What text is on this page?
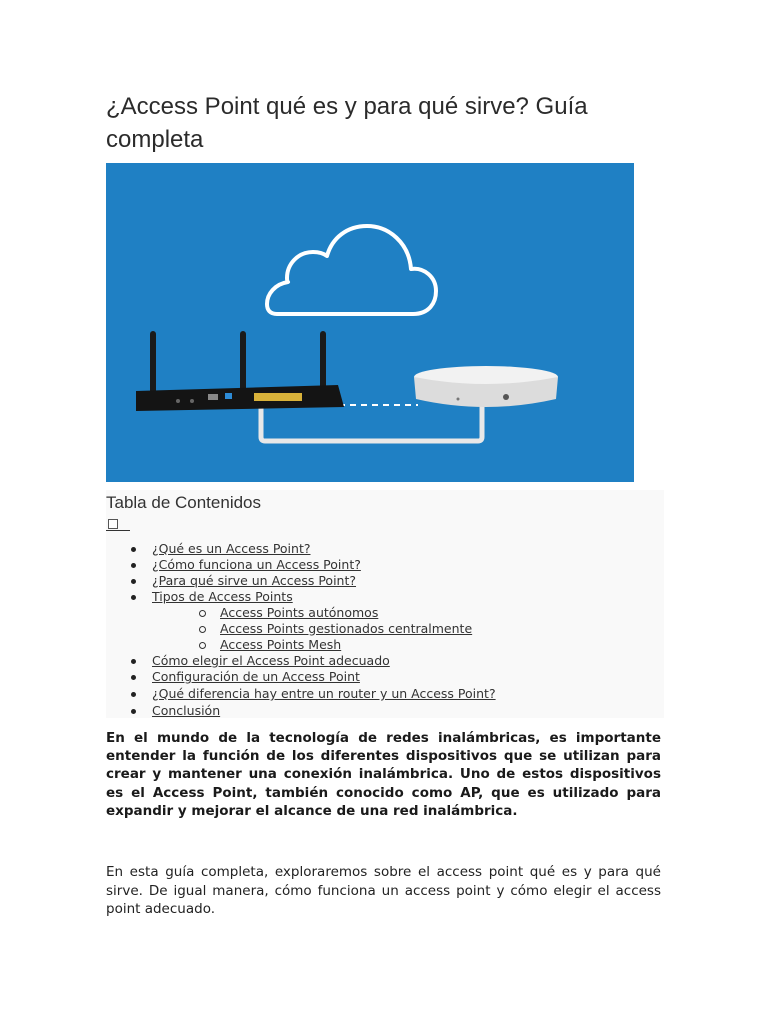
¿Access Point qué es y para qué sirve? Guía completa
Tabla de Contenidos
¿Qué es un Access Point?
¿Cómo funciona un Access Point?
¿Para qué sirve un Access Point?
Tipos de Access Points
Access Points autónomos
Access Points gestionados centralmente
Access Points Mesh
Cómo elegir el Access Point adecuado
Configuración de un Access Point
¿Qué diferencia hay entre un router y un Access Point?
Conclusión

En el mundo de la tecnología de redes inalámbricas, es importante entender la función de los diferentes dispositivos que se utilizan para crear y mantener una conexión inalámbrica. Uno de estos dispositivos es el Access Point, también conocido como AP, que es utilizado para expandir y mejorar el alcance de una red inalámbrica.

En esta guía completa, exploraremos sobre el access point qué es y para qué sirve. De igual manera, cómo funciona un access point y cómo elegir el access point adecuado.
